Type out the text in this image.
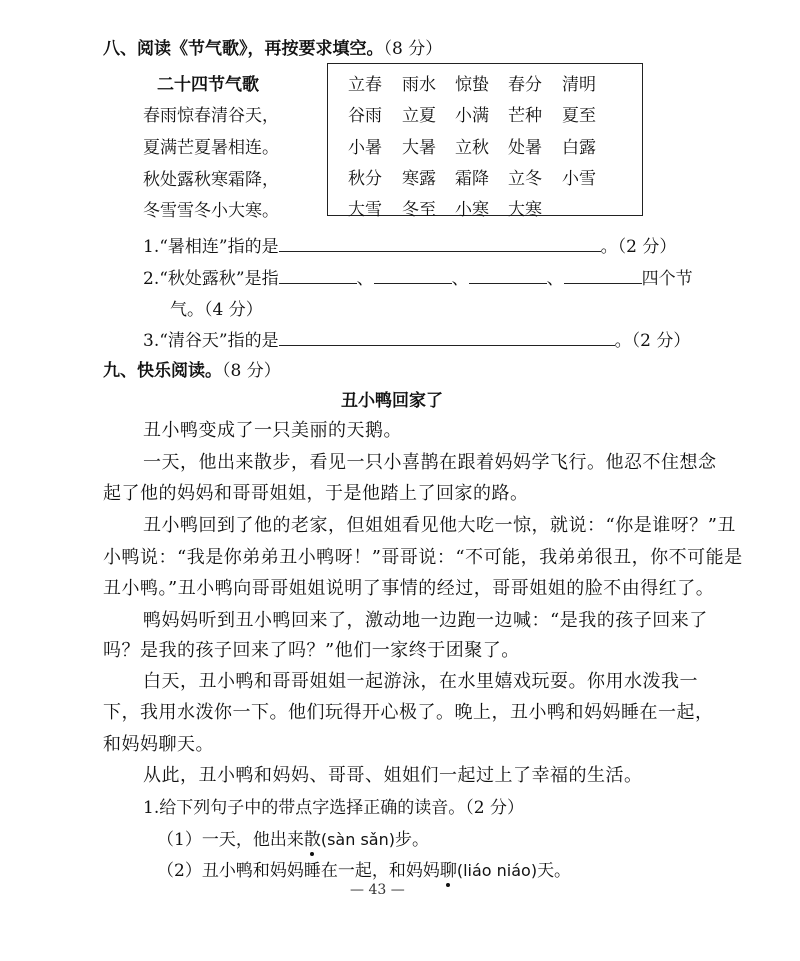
八、阅读《节气歌》，再按要求填空。（8 分）
二十四节气歌
春雨惊春清谷天，
夏满芒夏暑相连。
秋处露秋寒霜降，
冬雪雪冬小大寒。
立春 雨水 惊蛰 春分 清明
谷雨 立夏 小满 芒种 夏至
小暑 大暑 立秋 处暑 白露
秋分 寒露 霜降 立冬 小雪
大雪 冬至 小寒 大寒
1.“暑相连”指的是	。（2 分）
2.“秋处露秋”是指	、	、	、	四个节
气。（4 分）
3.“清谷天”指的是	。（2 分）
九、快乐阅读。（8 分）
丑小鸭回家了
丑小鸭变成了一只美丽的天鹅。
一天，他出来散步，看见一只小喜鹊在跟着妈妈学飞行。他忍不住想念
起了他的妈妈和哥哥姐姐，于是他踏上了回家的路。
丑小鸭回到了他的老家，但姐姐看见他大吃一惊，就说：“你是谁呀？”丑
小鸭说：“我是你弟弟丑小鸭呀！”哥哥说：“不可能，我弟弟很丑，你不可能是
丑小鸭。”丑小鸭向哥哥姐姐说明了事情的经过，哥哥姐姐的脸不由得红了。
鸭妈妈听到丑小鸭回来了，激动地一边跑一边喊：“是我的孩子回来了
吗？是我的孩子回来了吗？”他们一家终于团聚了。
白天，丑小鸭和哥哥姐姐一起游泳，在水里嬉戏玩耍。你用水泼我一
下，我用水泼你一下。他们玩得开心极了。晚上，丑小鸭和妈妈睡在一起，
和妈妈聊天。
从此，丑小鸭和妈妈、哥哥、姐姐们一起过上了幸福的生活。
1.给下列句子中的带点字选择正确的读音。（2 分）
（1）一天，他出来散(sàn sǎn)步。
（2）丑小鸭和妈妈睡在一起，和妈妈聊(liáo niáo)天。
— 43 —
